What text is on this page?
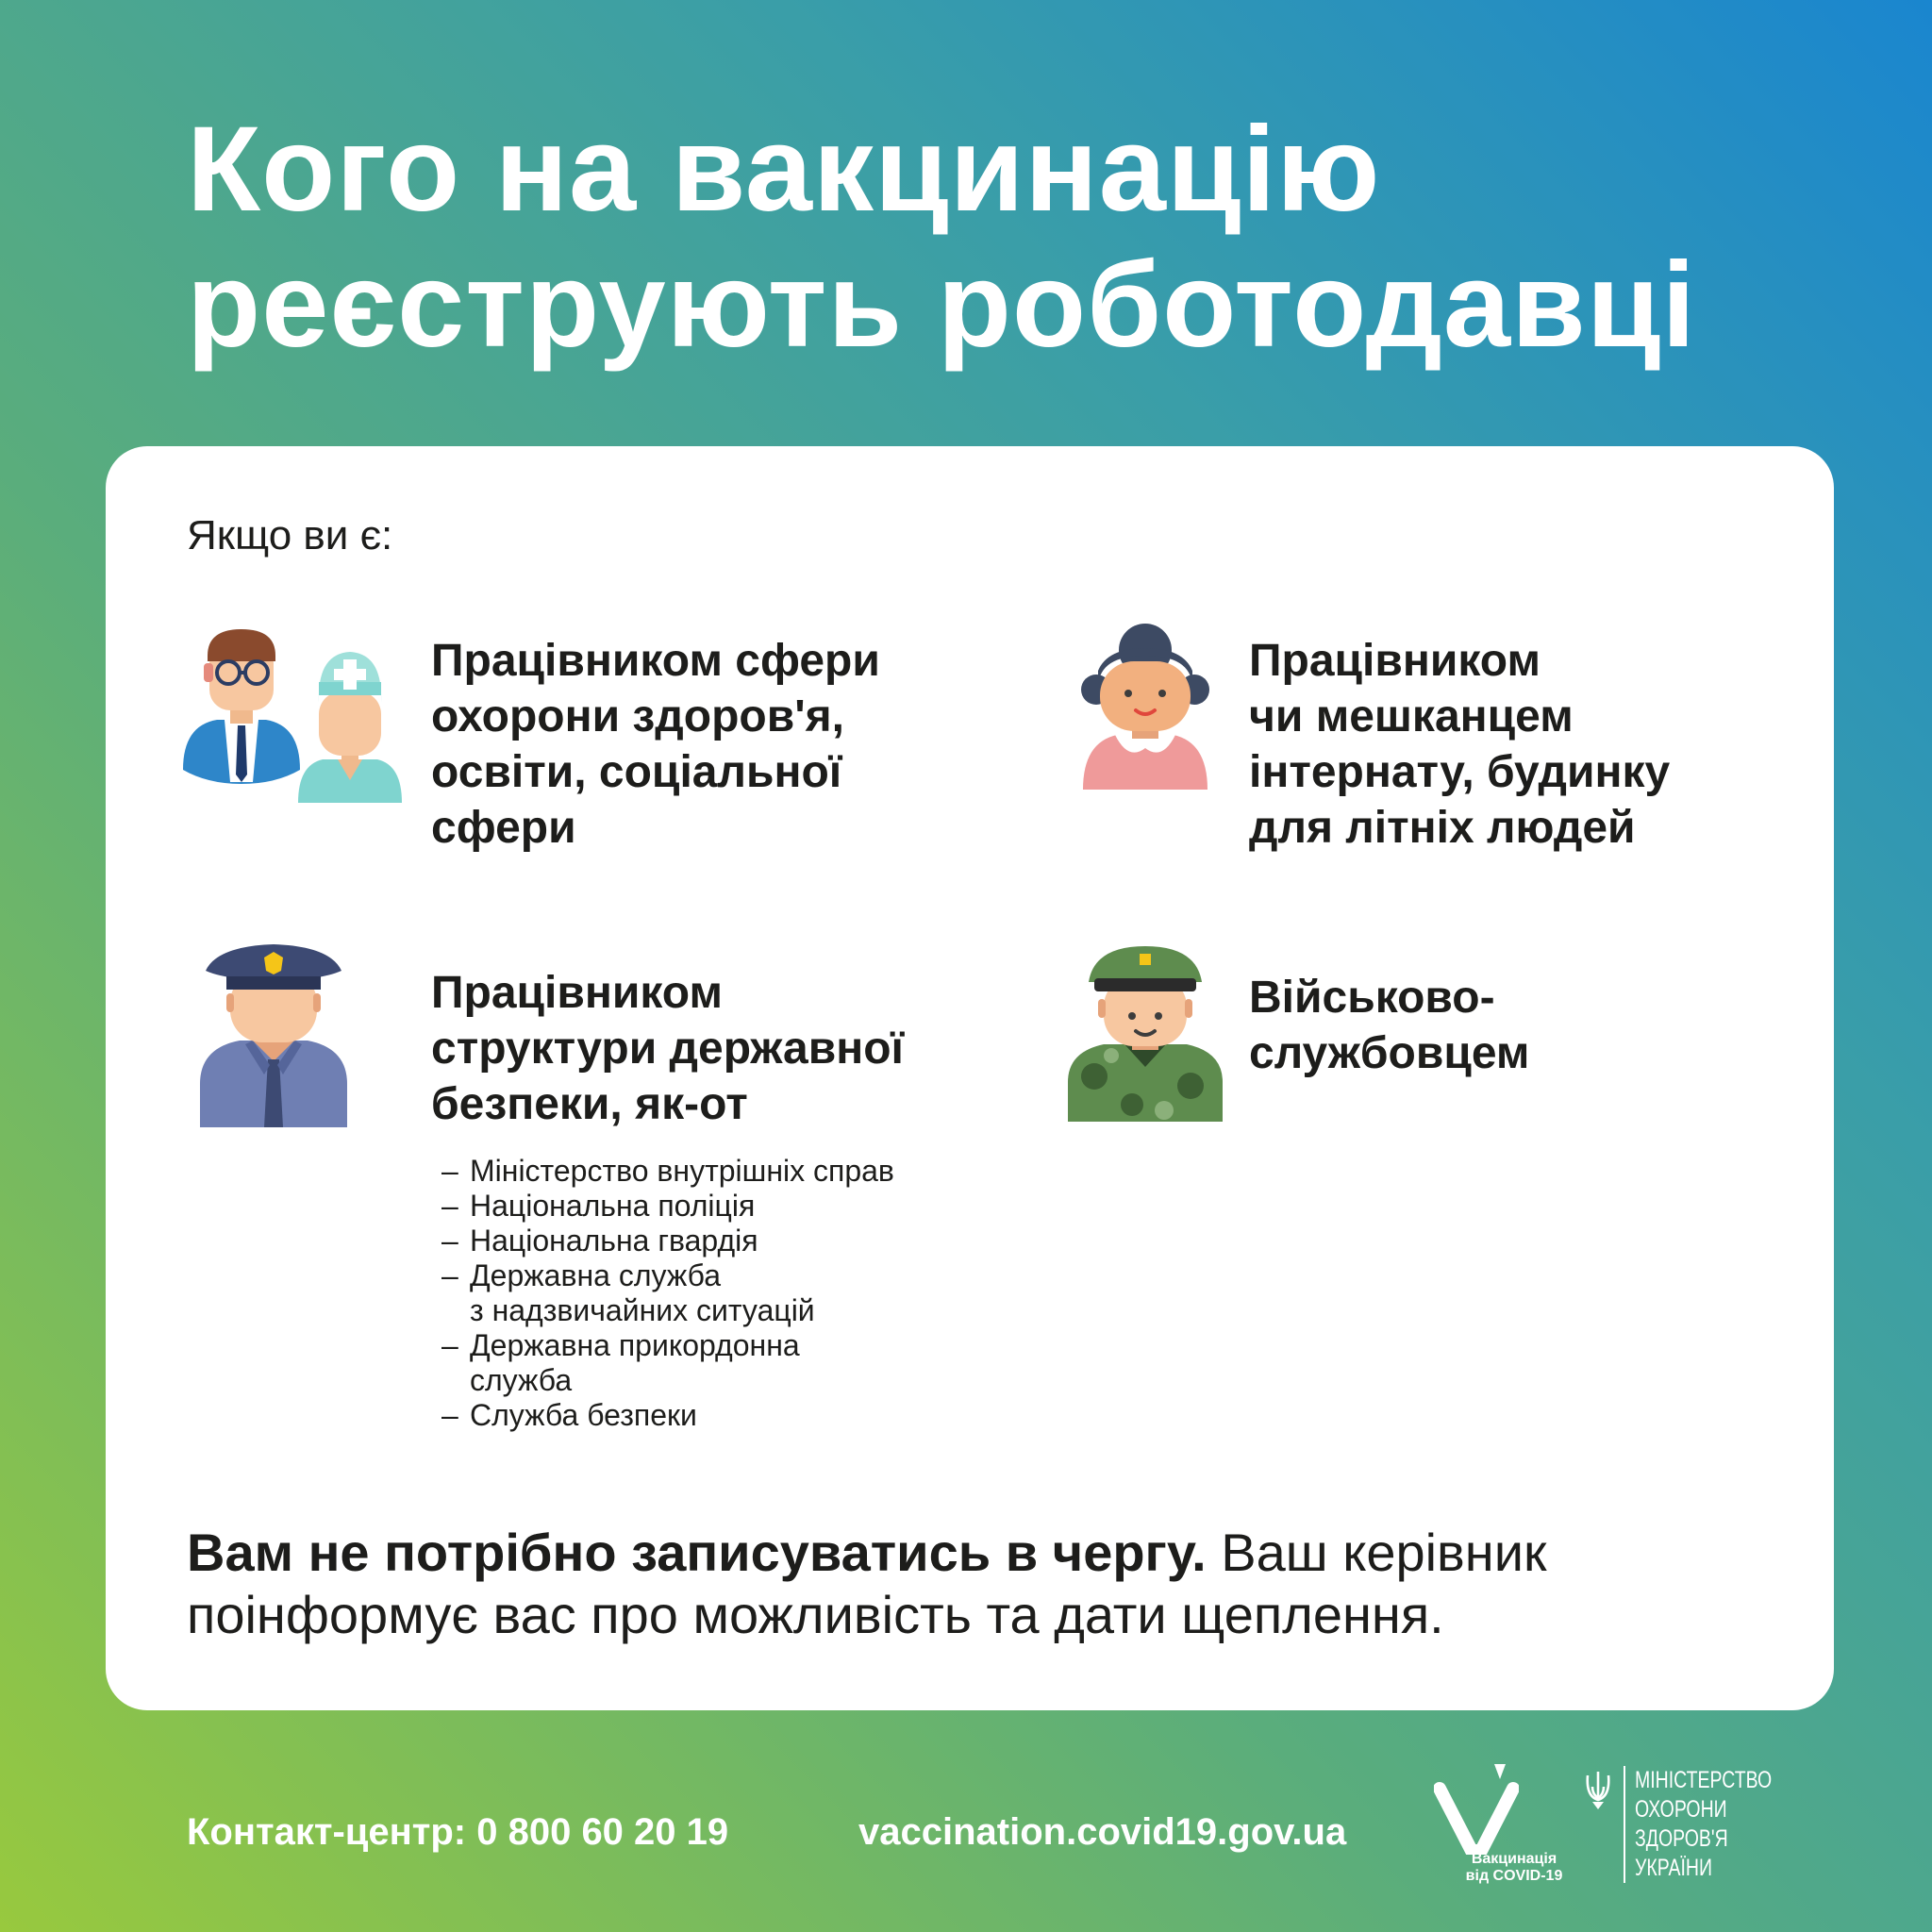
Кого на вакцинацію
реєструють роботодавці
Якщо ви є:
Працівником сфери
охорони здоров'я,
освіти, соціальної
сфери
Працівником
чи мешканцем
інтернату, будинку
для літніх людей
Працівником
структури державної
безпеки, як-от
– Міністерство внутрішніх справ
– Національна поліція
– Національна гвардія
– Державна служба
з надзвичайних ситуацій
– Державна прикордонна
служба
– Служба безпеки
Військово-
службовцем

Вам не потрібно записуватись в чергу. Ваш керівник
поінформує вас про можливість та дати щеплення.

Контакт-центр: 0 800 60 20 19	vaccination.covid19.gov.ua
Вакцинація
від COVID-19
МІНІСТЕРСТВО
ОХОРОНИ
ЗДОРОВ'Я
УКРАЇНИ
